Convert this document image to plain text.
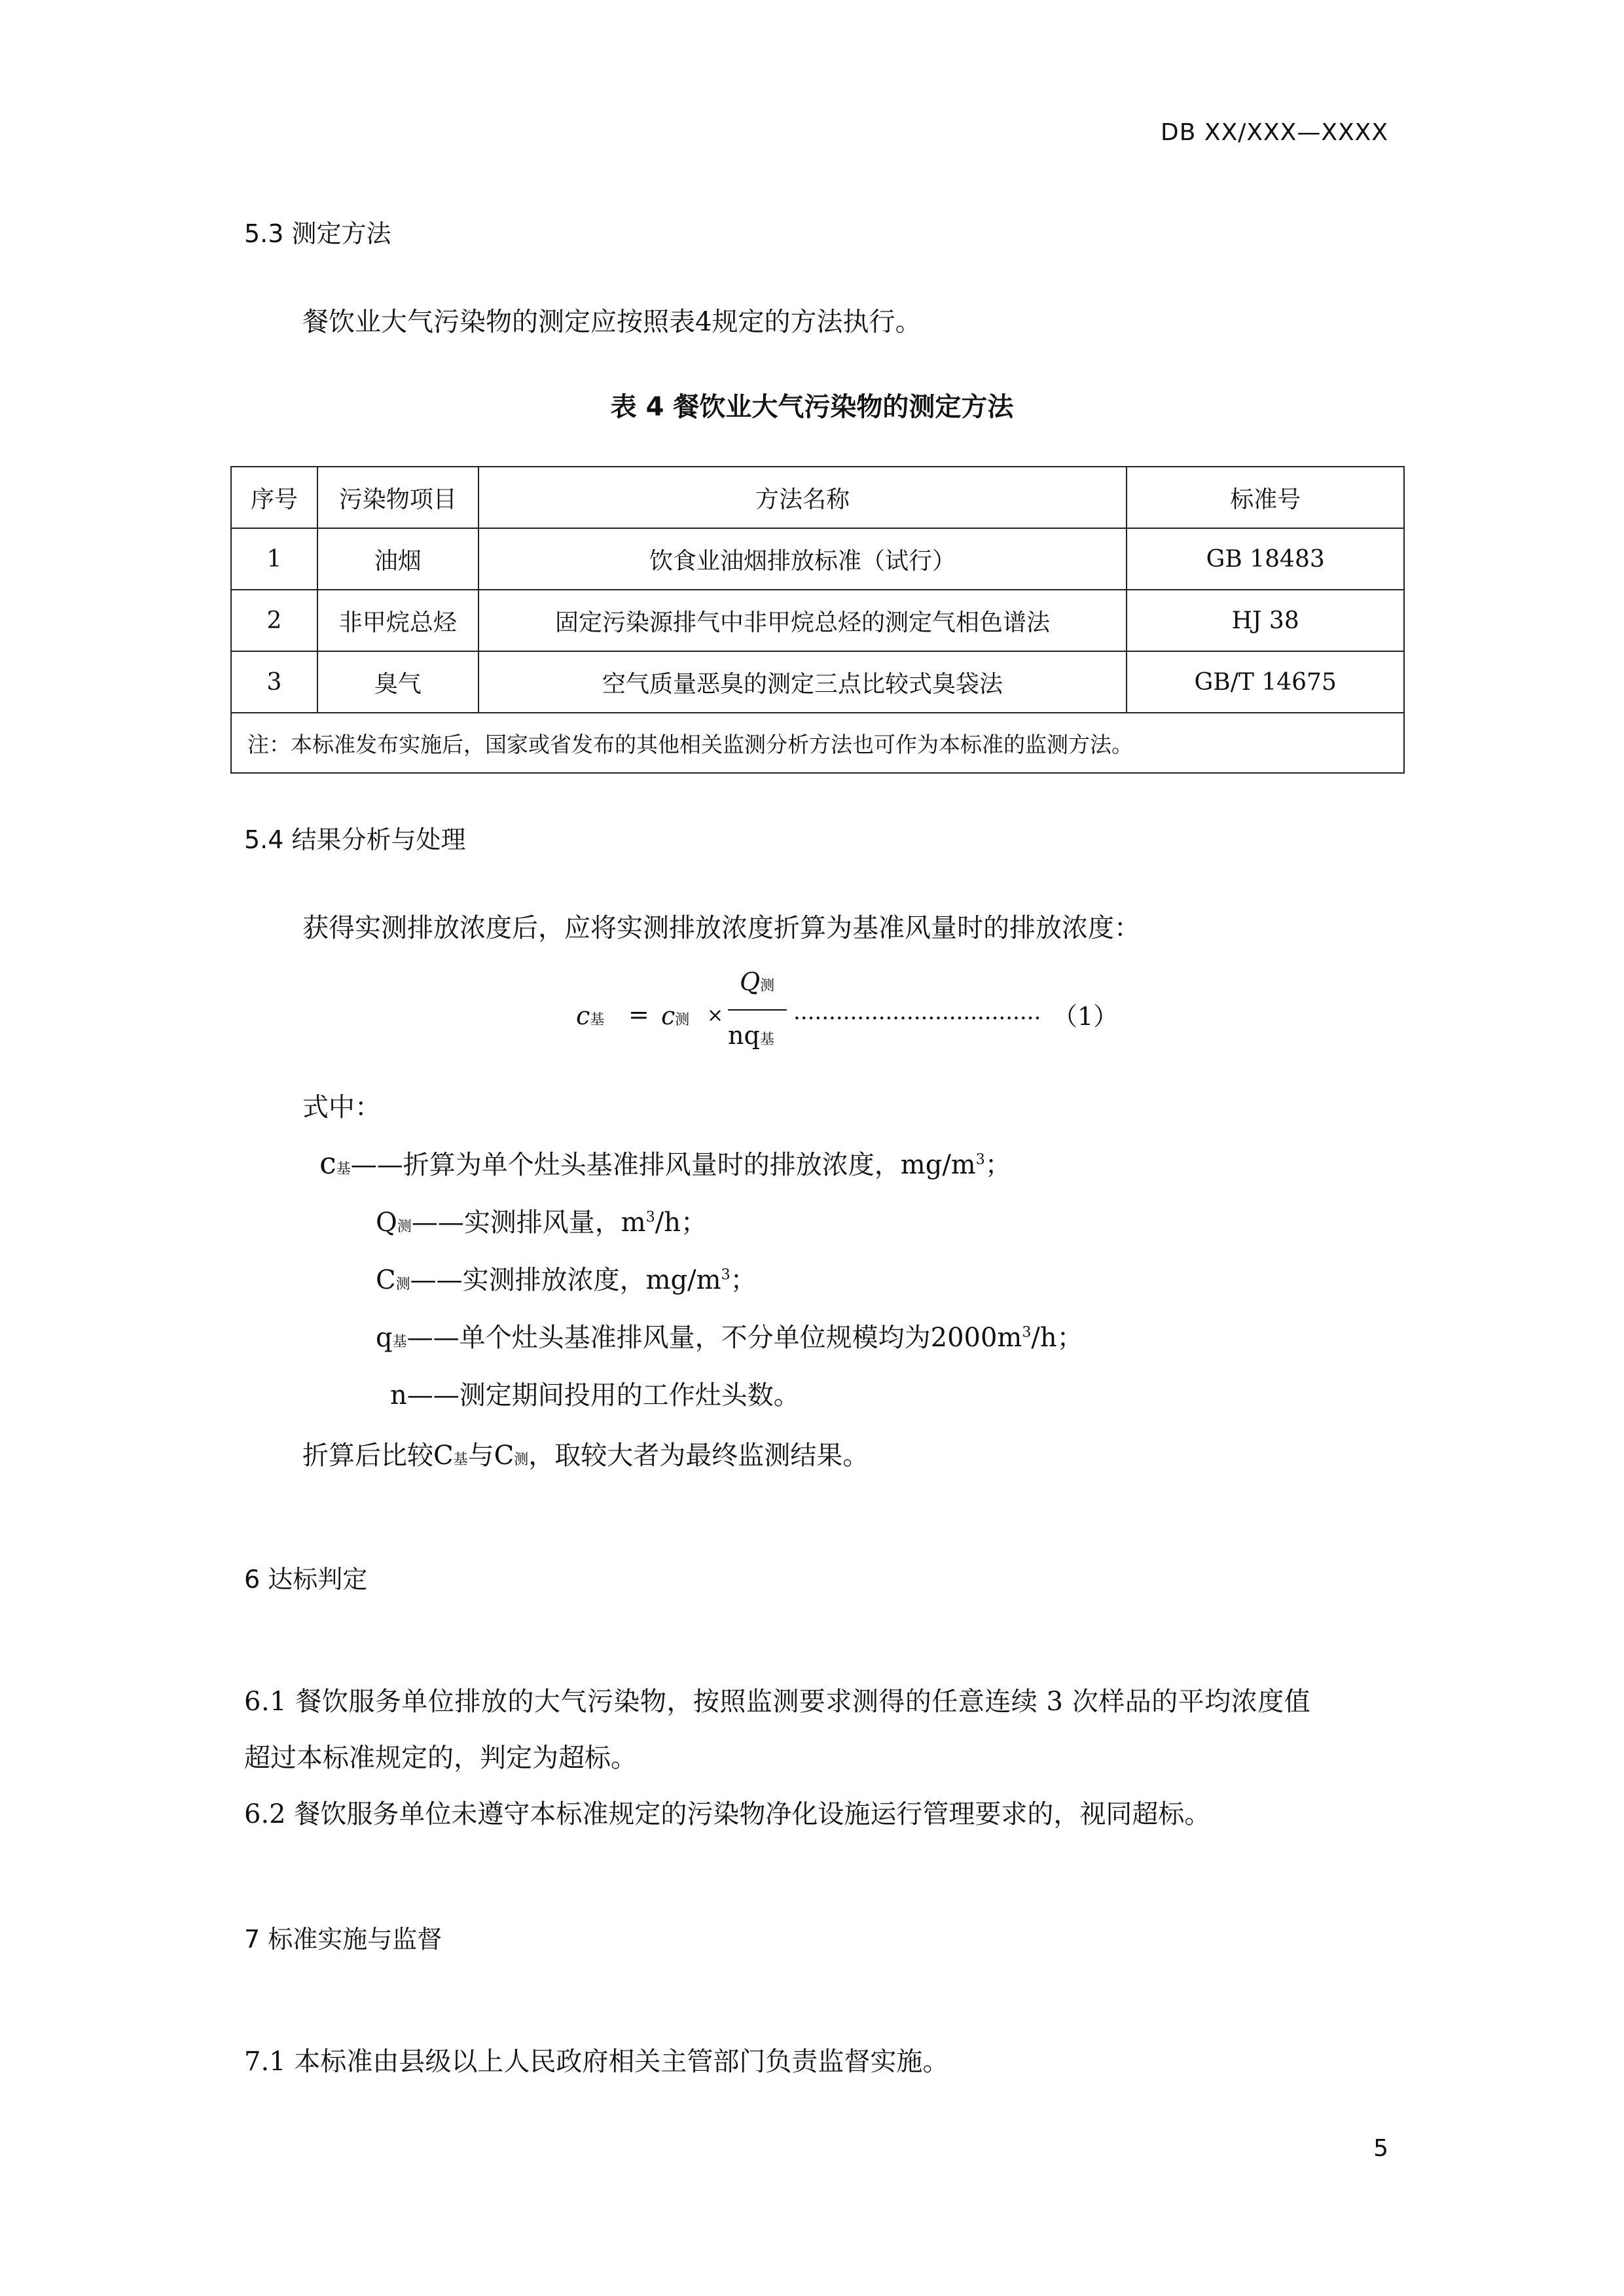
DB XX/XXX—XXXX
5.3 测定方法
餐饮业大气污染物的测定应按照表4规定的方法执行。
表 4 餐饮业大气污染物的测定方法
序号	污染物项目	方法名称	标准号
1	油烟	饮食业油烟排放标准（试行）	GB 18483
2	非甲烷总烃	固定污染源排气中非甲烷总烃的测定气相色谱法	HJ 38
3	臭气	空气质量恶臭的测定三点比较式臭袋法	GB/T 14675
注：本标准发布实施后，国家或省发布的其他相关监测分析方法也可作为本标准的监测方法。			
5.4 结果分析与处理
获得实测排放浓度后，应将实测排放浓度折算为基准风量时的排放浓度：
c基 = c测 ×
Q测
nq基
................................... （1）
式中：
c基——折算为单个灶头基准排风量时的排放浓度，$mg/m^3$；
Q测——实测排风量，$m^3/h$；
C测——实测排放浓度，$mg/m^3$；
q基——单个灶头基准排风量，不分单位规模均为$2000m^3/h$；
n——测定期间投用的工作灶头数。
折算后比较C基与C测，取较大者为最终监测结果。
6 达标判定
6.1 餐饮服务单位排放的大气污染物，按照监测要求测得的任意连续 3 次样品的平均浓度值
超过本标准规定的，判定为超标。
6.2 餐饮服务单位未遵守本标准规定的污染物净化设施运行管理要求的，视同超标。
7 标准实施与监督
7.1 本标准由县级以上人民政府相关主管部门负责监督实施。
5
